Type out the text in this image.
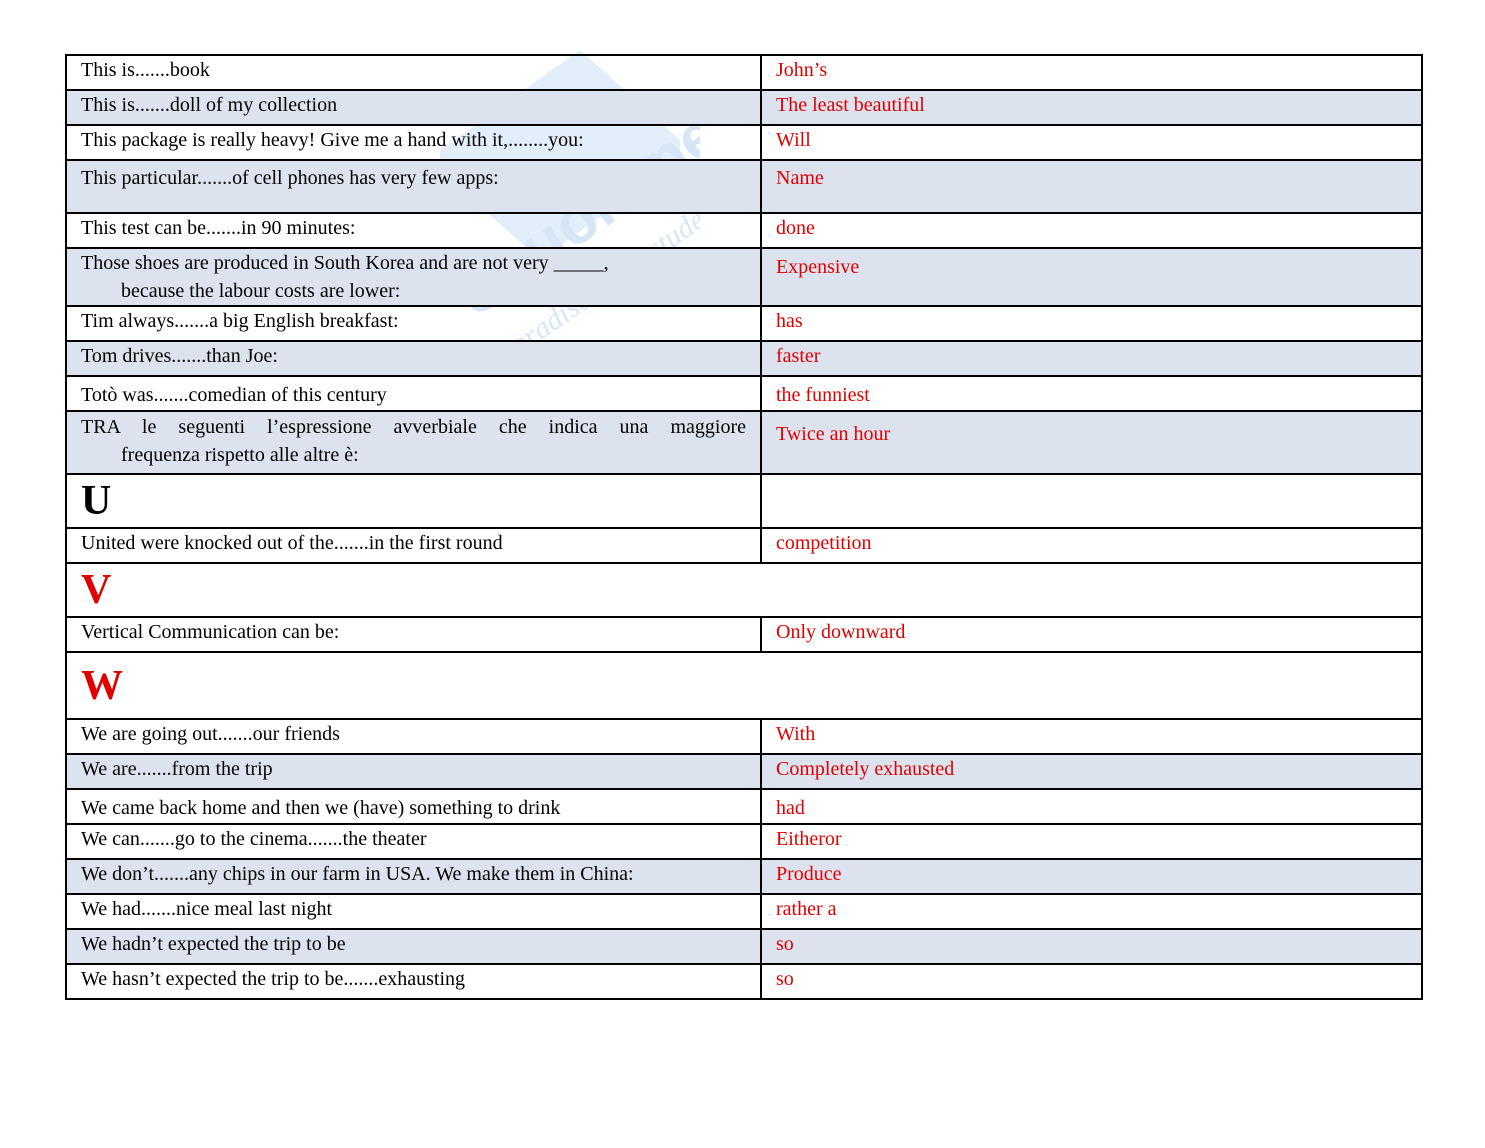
This is.......book	John’s
This is.......doll of my collection	The least beautiful
This package is really heavy! Give me a hand with it,........you:	Will
This particular.......of cell phones has very few apps:	Name
This test can be.......in 90 minutes:	done
Those shoes are produced in South Korea and are not very _____,
because the labour costs are lower:	Expensive
Tim always.......a big English breakfast:	has
Tom drives.......than Joe:	faster
Totò was.......comedian of this century	the funniest

TRA le seguenti l’espressione avverbiale che indica una maggiore
frequenza rispetto alle altre è:	Twice an hour
U	
United were knocked out of the.......in the first round	competition
V	
Vertical Communication can be:	Only downward
W	
We are going out.......our friends	With
We are.......from the trip	Completely exhausted
We came back home and then we (have) something to drink	had
We can.......go to the cinema.......the theater	Eitheror
We don’t.......any chips in our farm in USA. We make them in China:	Produce
We had.......nice meal last night	rather a
We hadn’t expected the trip to be	so
We hasn’t expected the trip to be.......exhausting	so
